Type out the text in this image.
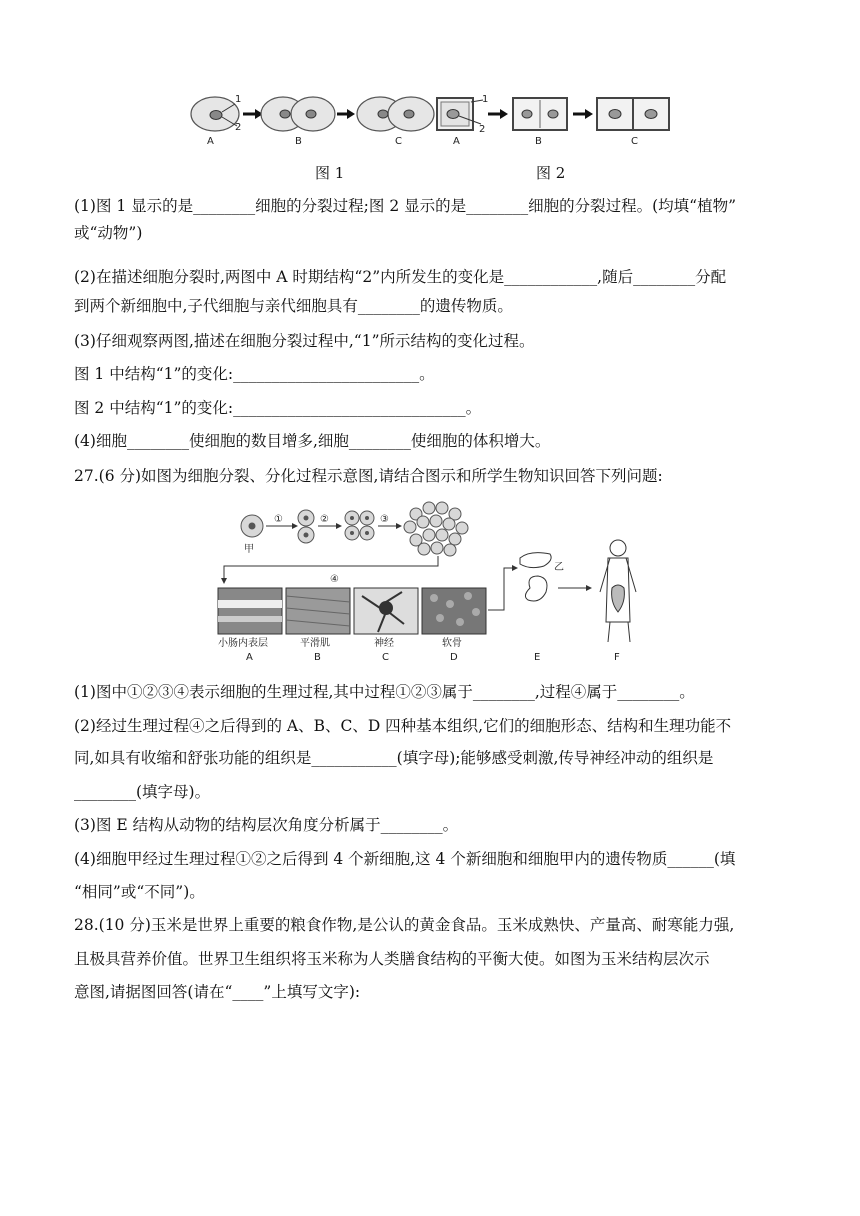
1
2
1
2
A	B	C	A	B	C
图 1	图 2
(1)图 1 显示的是________细胞的分裂过程;图 2 显示的是________细胞的分裂过程。(均填“植物”
或“动物”)
(2)在描述细胞分裂时,两图中 A 时期结构“2”内所发生的变化是____________,随后________分配
到两个新细胞中,子代细胞与亲代细胞具有________的遗传物质。
(3)仔细观察两图,描述在细胞分裂过程中,“1”所示结构的变化过程。
图 1 中结构“1”的变化:________________________。
图 2 中结构“1”的变化:______________________________。
(4)细胞________使细胞的数目增多,细胞________使细胞的体积增大。
27.(6 分)如图为细胞分裂、分化过程示意图,请结合图示和所学生物知识回答下列问题:
甲
①	②	③
④
小肠内表层	平滑肌	神经	软骨
A	B	C	D
乙
E	F
(1)图中①②③④表示细胞的生理过程,其中过程①②③属于________,过程④属于________。
(2)经过生理过程④之后得到的 A、B、C、D 四种基本组织,它们的细胞形态、结构和生理功能不
同,如具有收缩和舒张功能的组织是___________(填字母);能够感受刺激,传导神经冲动的组织是
________(填字母)。
(3)图 E 结构从动物的结构层次角度分析属于________。
(4)细胞甲经过生理过程①②之后得到 4 个新细胞,这 4 个新细胞和细胞甲内的遗传物质______(填
“相同”或“不同”)。
28.(10 分)玉米是世界上重要的粮食作物,是公认的黄金食品。玉米成熟快、产量高、耐寒能力强,
且极具营养价值。世界卫生组织将玉米称为人类膳食结构的平衡大使。如图为玉米结构层次示
意图,请据图回答(请在“____”上填写文字):
